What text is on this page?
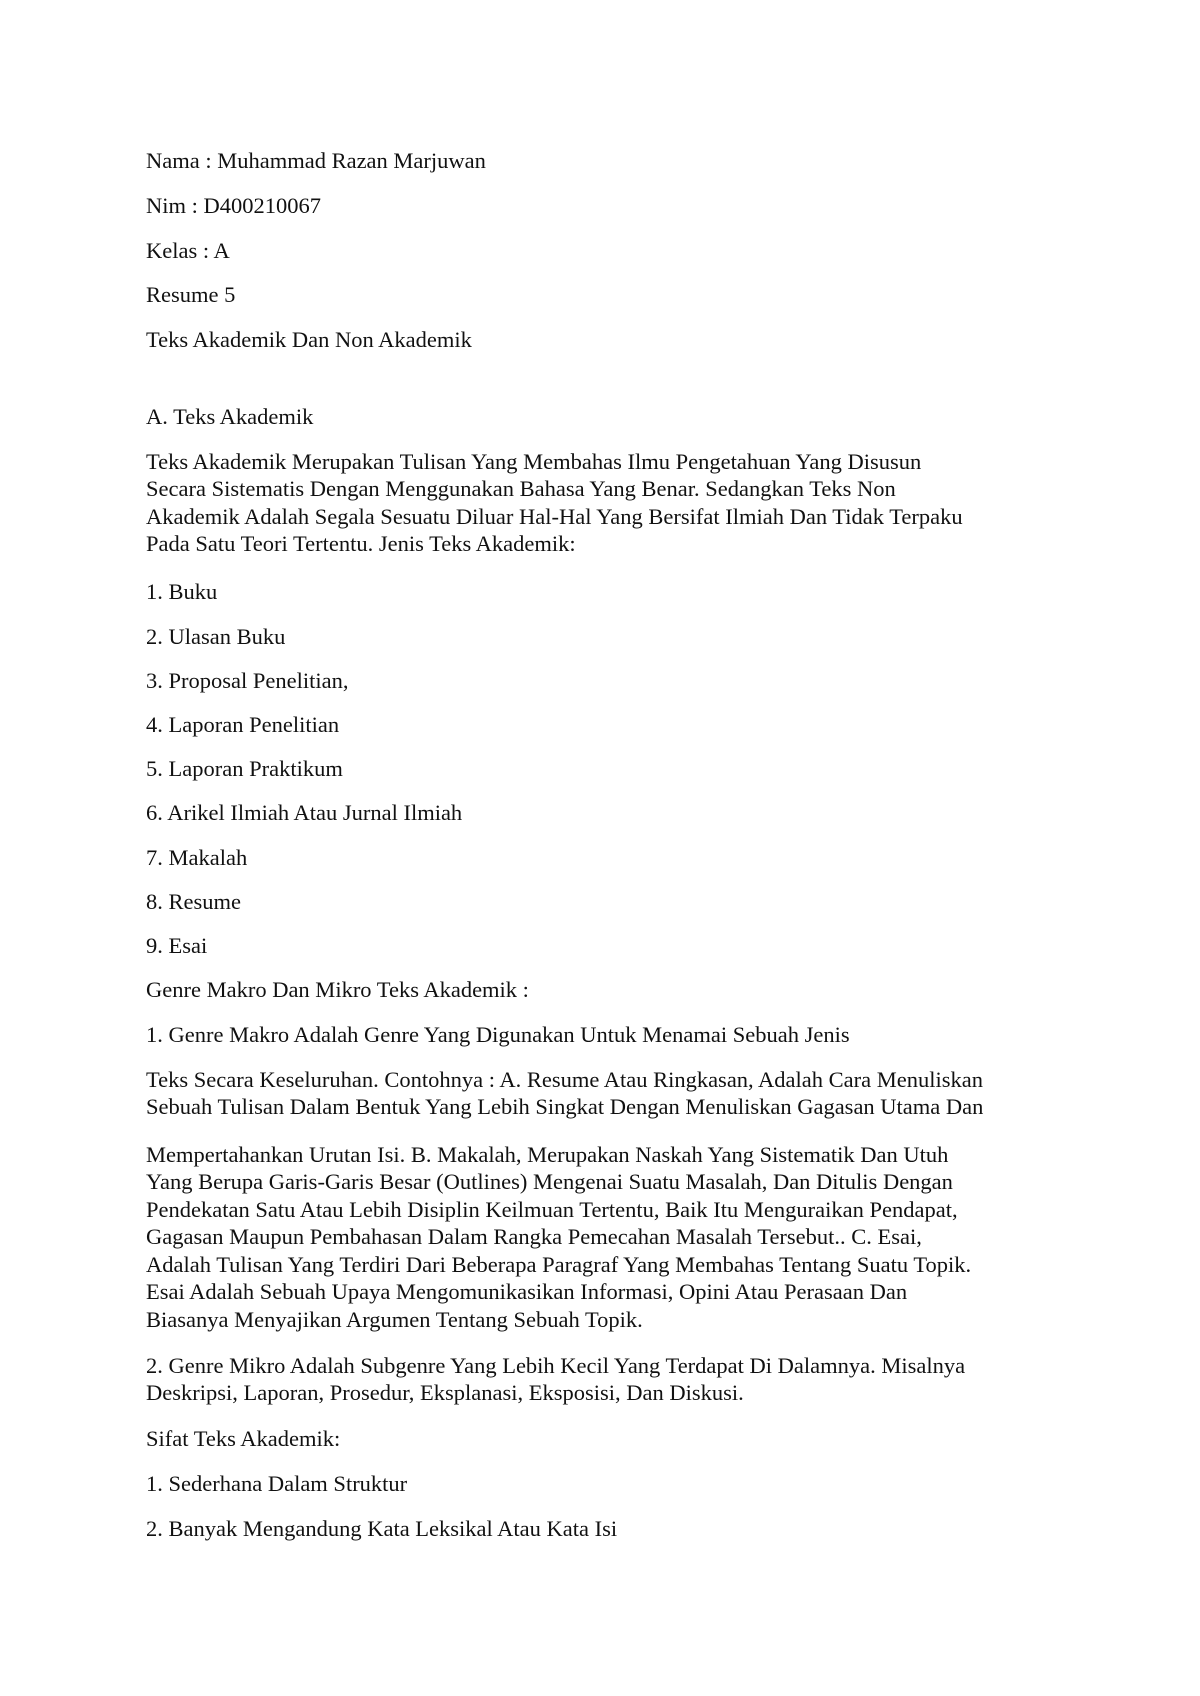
Nama : Muhammad Razan Marjuwan

Nim : D400210067

Kelas : A

Resume 5

Teks Akademik Dan Non Akademik

A. Teks Akademik

Teks Akademik Merupakan Tulisan Yang Membahas Ilmu Pengetahuan Yang Disusun

Secara Sistematis Dengan Menggunakan Bahasa Yang Benar. Sedangkan Teks Non

Akademik Adalah Segala Sesuatu Diluar Hal-Hal Yang Bersifat Ilmiah Dan Tidak Terpaku

Pada Satu Teori Tertentu. Jenis Teks Akademik:

1. Buku

2. Ulasan Buku

3. Proposal Penelitian,

4. Laporan Penelitian

5. Laporan Praktikum

6. Arikel Ilmiah Atau Jurnal Ilmiah

7. Makalah

8. Resume

9. Esai

Genre Makro Dan Mikro Teks Akademik :

1. Genre Makro Adalah Genre Yang Digunakan Untuk Menamai Sebuah Jenis

Teks Secara Keseluruhan. Contohnya : A. Resume Atau Ringkasan, Adalah Cara Menuliskan

Sebuah Tulisan Dalam Bentuk Yang Lebih Singkat Dengan Menuliskan Gagasan Utama Dan

Mempertahankan Urutan Isi. B. Makalah, Merupakan Naskah Yang Sistematik Dan Utuh

Yang Berupa Garis-Garis Besar (Outlines) Mengenai Suatu Masalah, Dan Ditulis Dengan

Pendekatan Satu Atau Lebih Disiplin Keilmuan Tertentu, Baik Itu Menguraikan Pendapat,

Gagasan Maupun Pembahasan Dalam Rangka Pemecahan Masalah Tersebut.. C. Esai,

Adalah Tulisan Yang Terdiri Dari Beberapa Paragraf Yang Membahas Tentang Suatu Topik.

Esai Adalah Sebuah Upaya Mengomunikasikan Informasi, Opini Atau Perasaan Dan

Biasanya Menyajikan Argumen Tentang Sebuah Topik.

2. Genre Mikro Adalah Subgenre Yang Lebih Kecil Yang Terdapat Di Dalamnya. Misalnya

Deskripsi, Laporan, Prosedur, Eksplanasi, Eksposisi, Dan Diskusi.

Sifat Teks Akademik:

1. Sederhana Dalam Struktur

2. Banyak Mengandung Kata Leksikal Atau Kata Isi
